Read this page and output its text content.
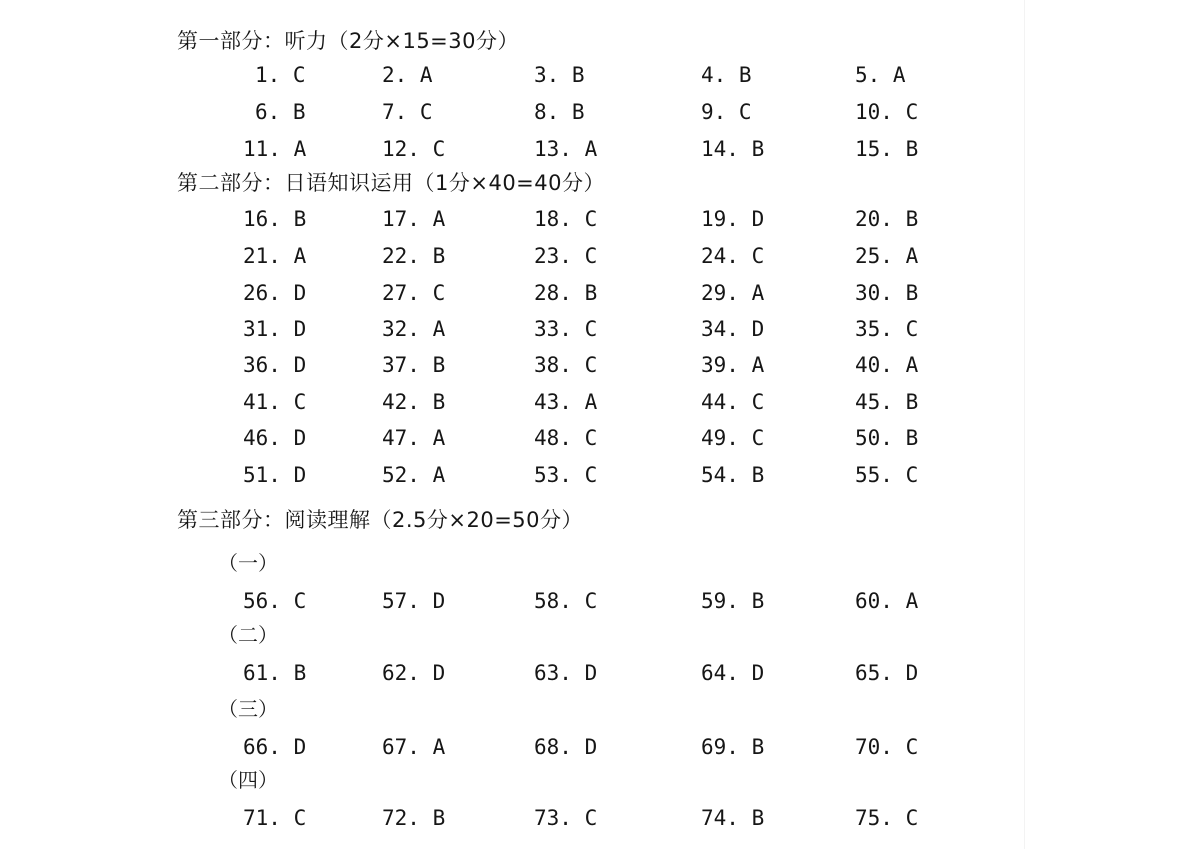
第一部分：听力（2分×15=30分）
1. C	2. A	3. B	4. B	5. A
6. B	7. C	8. B	9. C	10. C
11. A	12. C	13. A	14. B	15. B
第二部分：日语知识运用（1分×40=40分）
16. B	17. A	18. C	19. D	20. B
21. A	22. B	23. C	24. C	25. A
26. D	27. C	28. B	29. A	30. B
31. D	32. A	33. C	34. D	35. C
36. D	37. B	38. C	39. A	40. A
41. C	42. B	43. A	44. C	45. B
46. D	47. A	48. C	49. C	50. B
51. D	52. A	53. C	54. B	55. C
第三部分：阅读理解（2.5分×20=50分）
（一）
56. C	57. D	58. C	59. B	60. A
（二）
61. B	62. D	63. D	64. D	65. D
（三）
66. D	67. A	68. D	69. B	70. C
（四）
71. C	72. B	73. C	74. B	75. C
